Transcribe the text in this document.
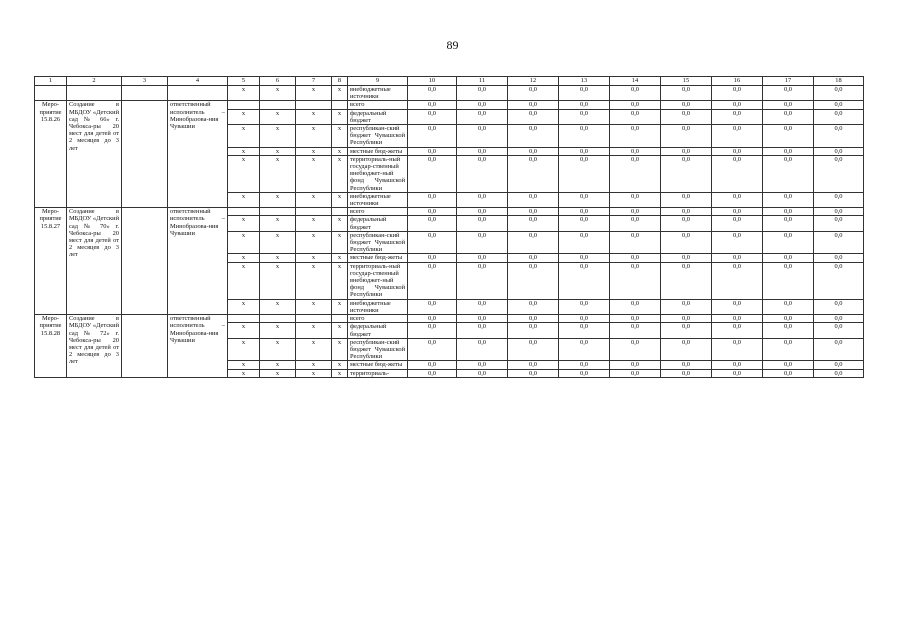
89
1	2	3	4	5	6	7	8	9	10	11	12	13	14	15	16	17	18
				x	x	x	x	внебюджетные источники	0,0	0,0	0,0	0,0	0,0	0,0	0,0	0,0	0,0
Меро-приятие 15.8.26	Создание в МБДОУ «Детский сад № 66» г. Чебокса-ры 20 мест для детей от 2 месяцев до 3 лет		ответственный исполнитель – Минобразова-ния Чувашии					всего	0,0	0,0	0,0	0,0	0,0	0,0	0,0	0,0	0,0
				x	x	x	x	федеральный бюджет	0,0	0,0	0,0	0,0	0,0	0,0	0,0	0,0	0,0
				x	x	x	x	республикан-ский бюджет Чувашской Республики	0,0	0,0	0,0	0,0	0,0	0,0	0,0	0,0	0,0
				x	x	x	x	местные бюд-жеты	0,0	0,0	0,0	0,0	0,0	0,0	0,0	0,0	0,0
				x	x	x	x	территориаль-ный государ-ственный внебюджет-ный фонд Чувашской Республики	0,0	0,0	0,0	0,0	0,0	0,0	0,0	0,0	0,0
				x	x	x	x	внебюджетные источники	0,0	0,0	0,0	0,0	0,0	0,0	0,0	0,0	0,0
Меро-приятие 15.8.27	Создание в МБДОУ «Детский сад № 70» г. Чебокса-ры 20 мест для детей от 2 месяцев до 3 лет		ответственный исполнитель – Минобразова-ния Чувашии					всего	0,0	0,0	0,0	0,0	0,0	0,0	0,0	0,0	0,0
				x	x	x	x	федеральный бюджет	0,0	0,0	0,0	0,0	0,0	0,0	0,0	0,0	0,0
				x	x	x	x	республикан-ский бюджет Чувашской Республики	0,0	0,0	0,0	0,0	0,0	0,0	0,0	0,0	0,0
				x	x	x	x	местные бюд-жеты	0,0	0,0	0,0	0,0	0,0	0,0	0,0	0,0	0,0
				x	x	x	x	территориаль-ный государ-ственный внебюджет-ный фонд Чувашской Республики	0,0	0,0	0,0	0,0	0,0	0,0	0,0	0,0	0,0
				x	x	x	x	внебюджетные источники	0,0	0,0	0,0	0,0	0,0	0,0	0,0	0,0	0,0
Меро-приятие 15.8.28	Создание в МБДОУ «Детский сад № 72» г. Чебокса-ры 20 мест для детей от 2 месяцев до 3 лет		ответственный исполнитель – Минобразова-ния Чувашии					всего	0,0	0,0	0,0	0,0	0,0	0,0	0,0	0,0	0,0
				x	x	x	x	федеральный бюджет	0,0	0,0	0,0	0,0	0,0	0,0	0,0	0,0	0,0
				x	x	x	x	республикан-ский бюджет Чувашской Республики	0,0	0,0	0,0	0,0	0,0	0,0	0,0	0,0	0,0
				x	x	x	x	местные бюд-жеты	0,0	0,0	0,0	0,0	0,0	0,0	0,0	0,0	0,0
				x	x	x	x	территориаль-	0,0	0,0	0,0	0,0	0,0	0,0	0,0	0,0	0,0
